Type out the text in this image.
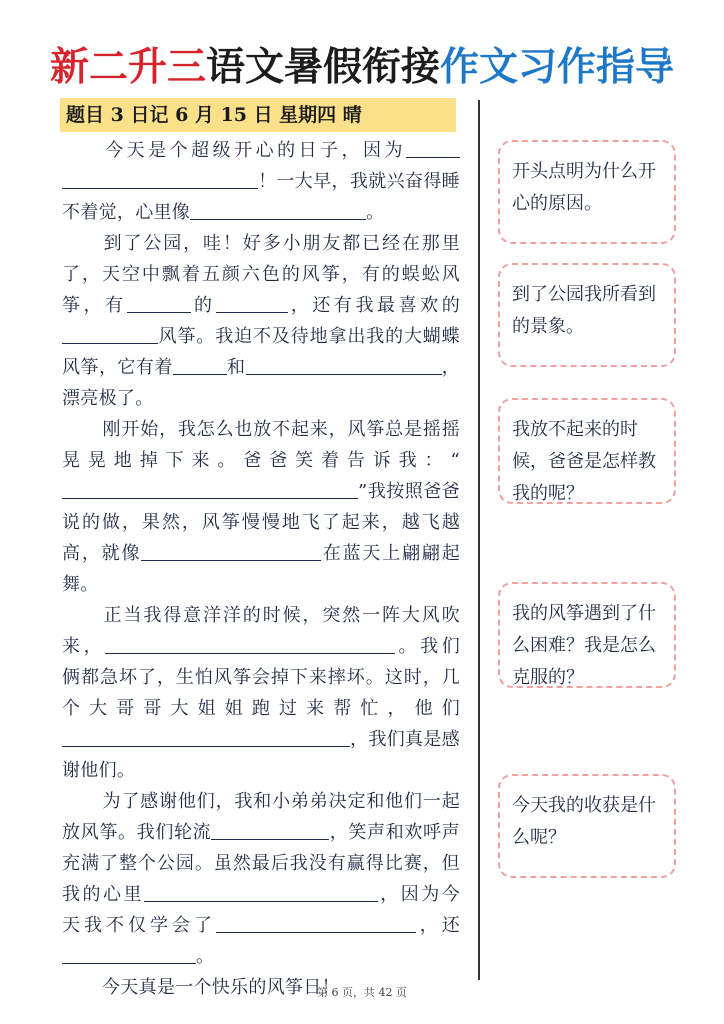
新二升三语文暑假衔接作文习作指导
题目 3 日记 6 月 15 日 星期四 晴

今天是个超级开心的日子，因为！一大早，我就兴奋得睡不着觉，心里像	。

到了公园，哇！好多小朋友都已经在那里了，天空中飘着五颜六色的风筝，有的蜈蚣风筝，有	的	，还有我最喜欢的风筝。我迫不及待地拿出我的大蝴蝶风筝，它有着	和	，漂亮极了。

刚开始，我怎么也放不起来，风筝总是摇摇晃晃地掉下来。爸爸笑着告诉我：“”我按照爸爸说的做，果然，风筝慢慢地飞了起来，越飞越高，就像	在蓝天上翩翩起舞。

正当我得意洋洋的时候，突然一阵大风吹来，	。我们俩都急坏了，生怕风筝会掉下来摔坏。这时，几个大哥哥大姐姐跑过来帮忙，他们，我们真是感谢他们。

为了感谢他们，我和小弟弟决定和他们一起放风筝。我们轮流	，笑声和欢呼声充满了整个公园。虽然最后我没有赢得比赛，但我的心里	，因为今天我不仅学会了	，还。

今天真是一个快乐的风筝日！

开头点明为什么开心的原因。
到了公园我所看到的景象。
我放不起来的时候，爸爸是怎样教我的呢？
我的风筝遇到了什么困难？我是怎么克服的？
今天我的收获是什么呢？
第 6 页，共 42 页
